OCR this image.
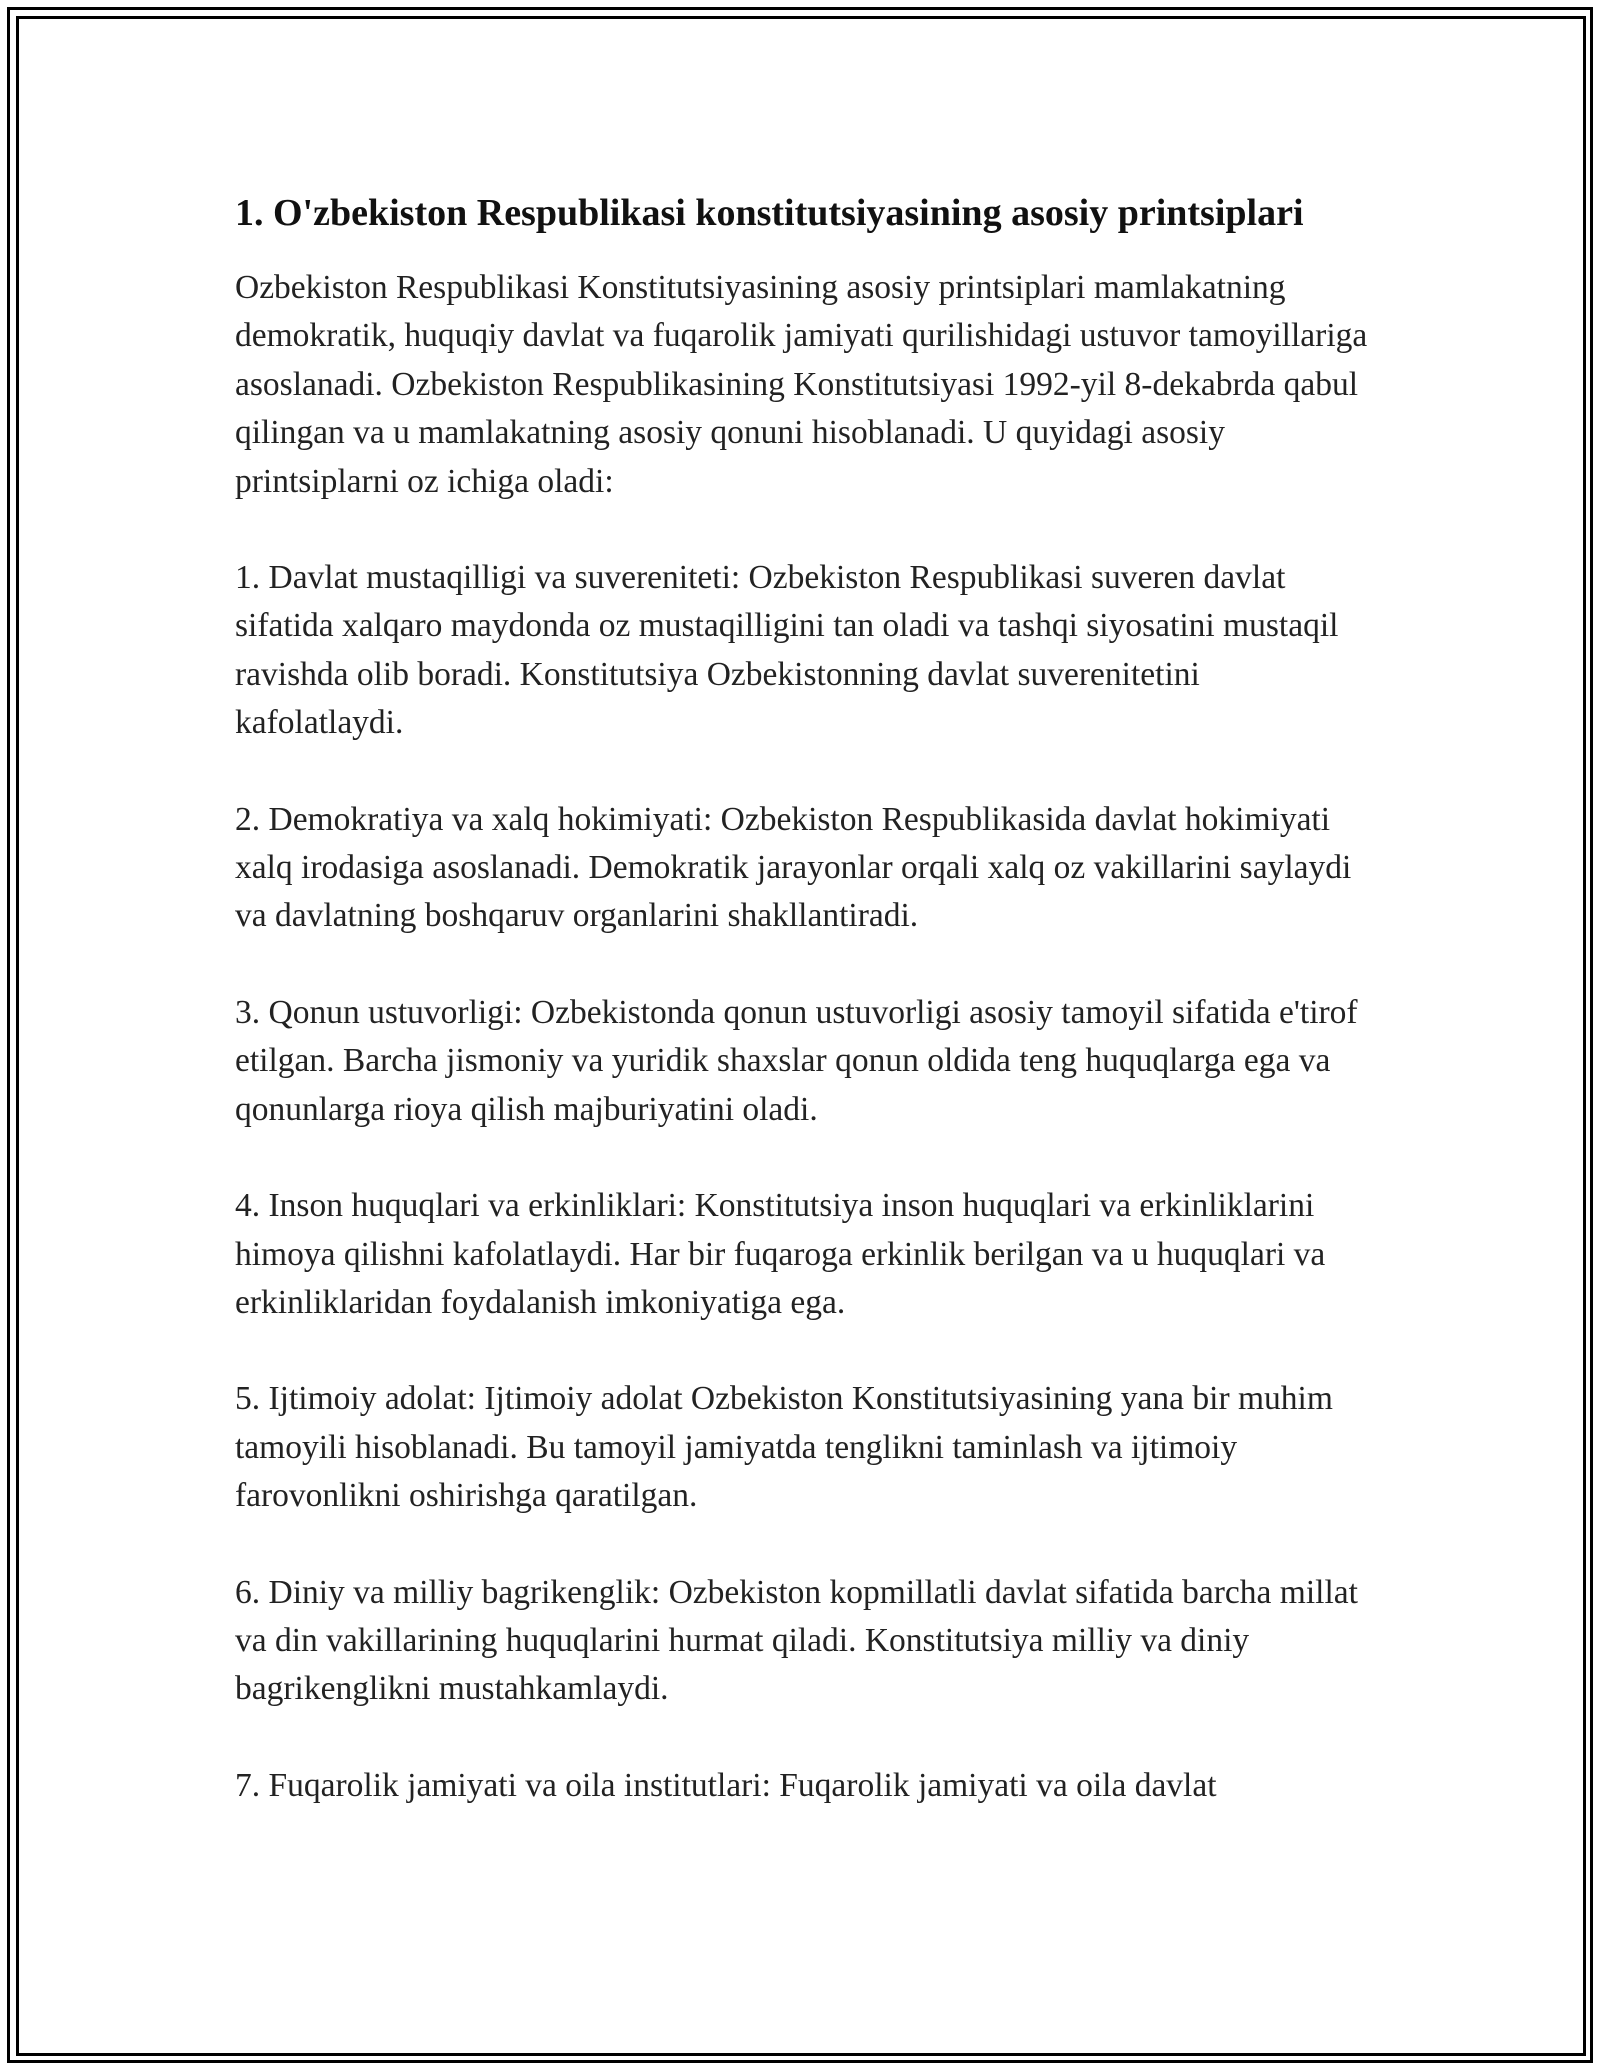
1. O'zbekiston Respublikasi konstitutsiyasining asosiy printsiplari

Ozbekiston Respublikasi Konstitutsiyasining asosiy printsiplari mamlakatning demokratik, huquqiy davlat va fuqarolik jamiyati qurilishidagi ustuvor tamoyillariga asoslanadi. Ozbekiston Respublikasining Konstitutsiyasi 1992-yil 8-dekabrda qabul qilingan va u mamlakatning asosiy qonuni hisoblanadi. U quyidagi asosiy printsiplarni oz ichiga oladi:

1. Davlat mustaqilligi va suvereniteti: Ozbekiston Respublikasi suveren davlat sifatida xalqaro maydonda oz mustaqilligini tan oladi va tashqi siyosatini mustaqil ravishda olib boradi. Konstitutsiya Ozbekistonning davlat suverenitetini kafolatlaydi.

2. Demokratiya va xalq hokimiyati: Ozbekiston Respublikasida davlat hokimiyati xalq irodasiga asoslanadi. Demokratik jarayonlar orqali xalq oz vakillarini saylaydi va davlatning boshqaruv organlarini shakllantiradi.

3. Qonun ustuvorligi: Ozbekistonda qonun ustuvorligi asosiy tamoyil sifatida e'tirof etilgan. Barcha jismoniy va yuridik shaxslar qonun oldida teng huquqlarga ega va qonunlarga rioya qilish majburiyatini oladi.

4. Inson huquqlari va erkinliklari: Konstitutsiya inson huquqlari va erkinliklarini himoya qilishni kafolatlaydi. Har bir fuqaroga erkinlik berilgan va u huquqlari va erkinliklaridan foydalanish imkoniyatiga ega.

5. Ijtimoiy adolat: Ijtimoiy adolat Ozbekiston Konstitutsiyasining yana bir muhim tamoyili hisoblanadi. Bu tamoyil jamiyatda tenglikni taminlash va ijtimoiy farovonlikni oshirishga qaratilgan.

6. Diniy va milliy bagrikenglik: Ozbekiston kopmillatli davlat sifatida barcha millat va din vakillarining huquqlarini hurmat qiladi. Konstitutsiya milliy va diniy bagrikenglikni mustahkamlaydi.

7. Fuqarolik jamiyati va oila institutlari: Fuqarolik jamiyati va oila davlat
